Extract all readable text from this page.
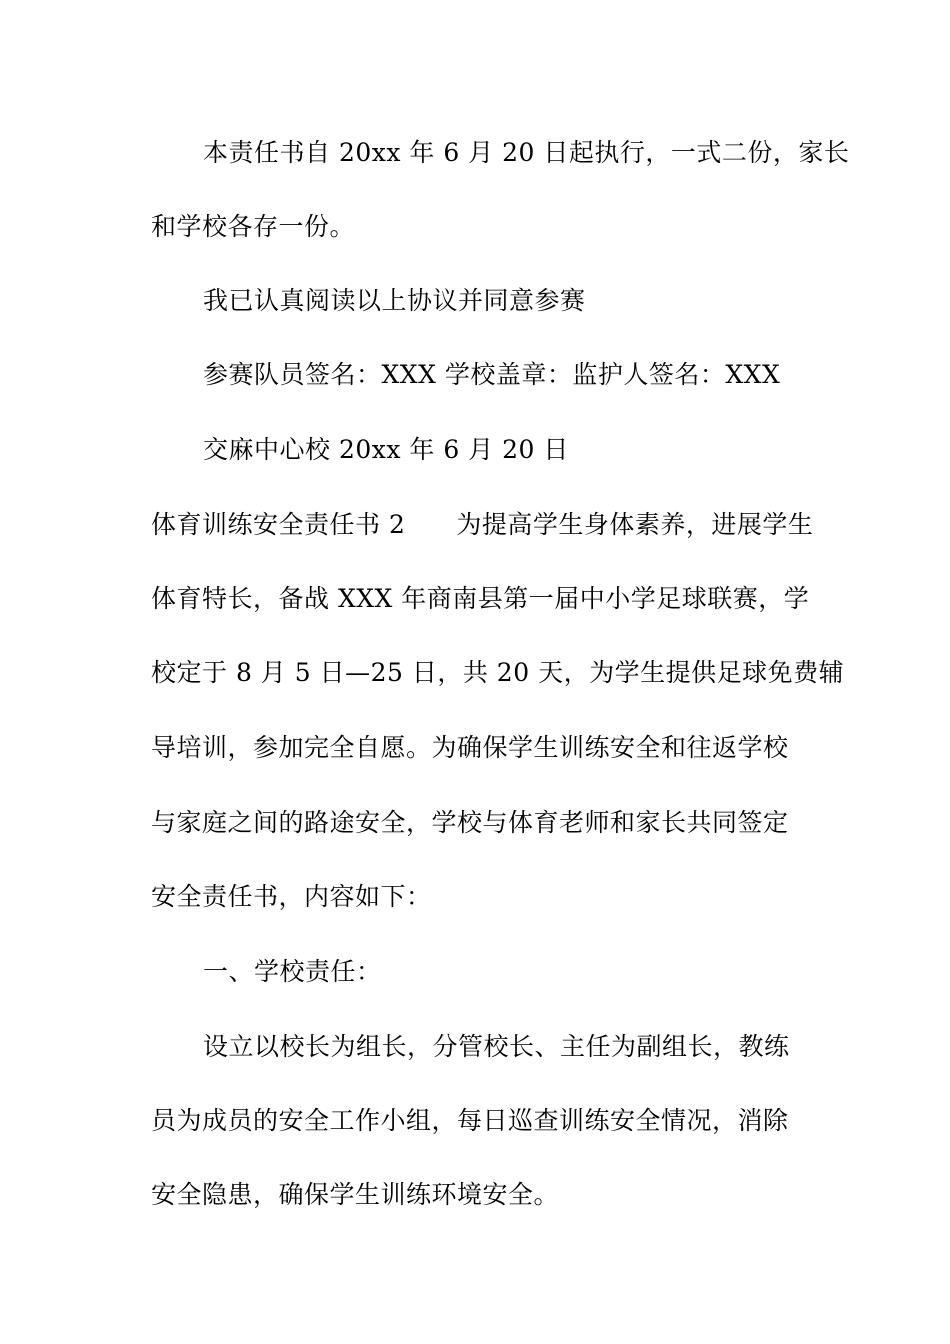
本责任书自 20xx 年 6 月 20 日起执行，一式二份，家长
和学校各存一份。
我已认真阅读以上协议并同意参赛
参赛队员签名：XXX 学校盖章：监护人签名：XXX
交麻中心校 20xx 年 6 月 20 日
体育训练安全责任书 2　　为提高学生身体素养，进展学生
体育特长，备战 XXX 年商南县第一届中小学足球联赛，学
校定于 8 月 5 日—25 日，共 20 天，为学生提供足球免费辅
导培训，参加完全自愿。为确保学生训练安全和往返学校
与家庭之间的路途安全，学校与体育老师和家长共同签定
安全责任书，内容如下：
一、学校责任：
设立以校长为组长，分管校长、主任为副组长，教练
员为成员的安全工作小组，每日巡查训练安全情况，消除
安全隐患，确保学生训练环境安全。
